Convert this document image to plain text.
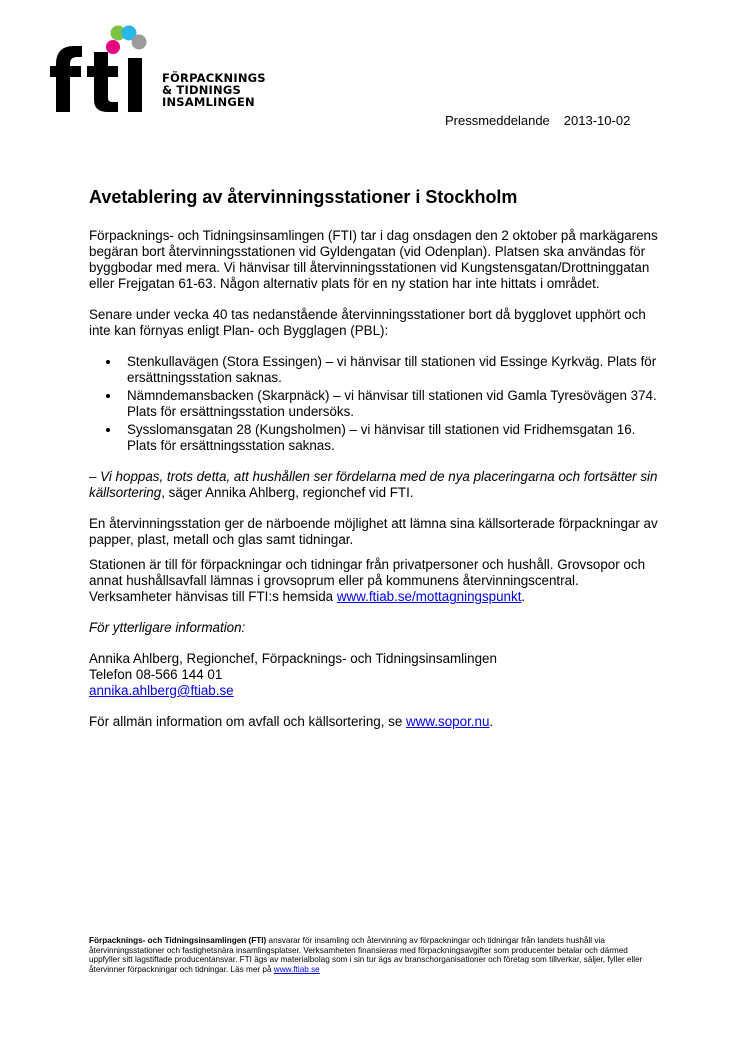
FÖRPACKNINGS
& TIDNINGS
INSAMLINGEN
Pressmeddelande 2013-10-02
Avetablering av återvinningsstationer i Stockholm

Förpacknings- och Tidningsinsamlingen (FTI) tar i dag onsdagen den 2 oktober på markägarens begäran bort återvinningsstationen vid Gyldengatan (vid Odenplan). Platsen ska användas för byggbodar med mera. Vi hänvisar till återvinningsstationen vid Kungstensgatan/Drottninggatan eller Frejgatan 61-63. Någon alternativ plats för en ny station har inte hittats i området.

Senare under vecka 40 tas nedanstående återvinningsstationer bort då bygglovet upphört och inte kan förnyas enligt Plan- och Bygglagen (PBL):

• Stenkullavägen (Stora Essingen) – vi hänvisar till stationen vid Essinge Kyrkväg. Plats för ersättningsstation saknas.
• Nämndemansbacken (Skarpnäck) – vi hänvisar till stationen vid Gamla Tyresövägen 374. Plats för ersättningsstation undersöks.
• Sysslomansgatan 28 (Kungsholmen) – vi hänvisar till stationen vid Fridhemsgatan 16. Plats för ersättningsstation saknas.

– Vi hoppas, trots detta, att hushållen ser fördelarna med de nya placeringarna och fortsätter sin källsortering, säger Annika Ahlberg, regionchef vid FTI.

En återvinningsstation ger de närboende möjlighet att lämna sina källsorterade förpackningar av papper, plast, metall och glas samt tidningar.

Stationen är till för förpackningar och tidningar från privatpersoner och hushåll. Grovsopor och annat hushållsavfall lämnas i grovsoprum eller på kommunens återvinningscentral. Verksamheter hänvisas till FTI:s hemsida www.ftiab.se/mottagningspunkt.

För ytterligare information:

Annika Ahlberg, Regionchef, Förpacknings- och Tidningsinsamlingen
Telefon 08-566 144 01
annika.ahlberg@ftiab.se

För allmän information om avfall och källsortering, se www.sopor.nu.

Förpacknings- och Tidningsinsamlingen (FTI) ansvarar för insamling och återvinning av förpackningar och tidningar från landets hushåll via återvinningsstationer och fastighetsnära insamlingsplatser. Verksamheten finansieras med förpackningsavgifter som producenter betalar och därmed uppfyller sitt lagstiftade producentansvar. FTI ägs av materialbolag som i sin tur ägs av branschorganisationer och företag som tillverkar, säljer, fyller eller återvinner förpackningar och tidningar. Läs mer på www.ftiab.se
